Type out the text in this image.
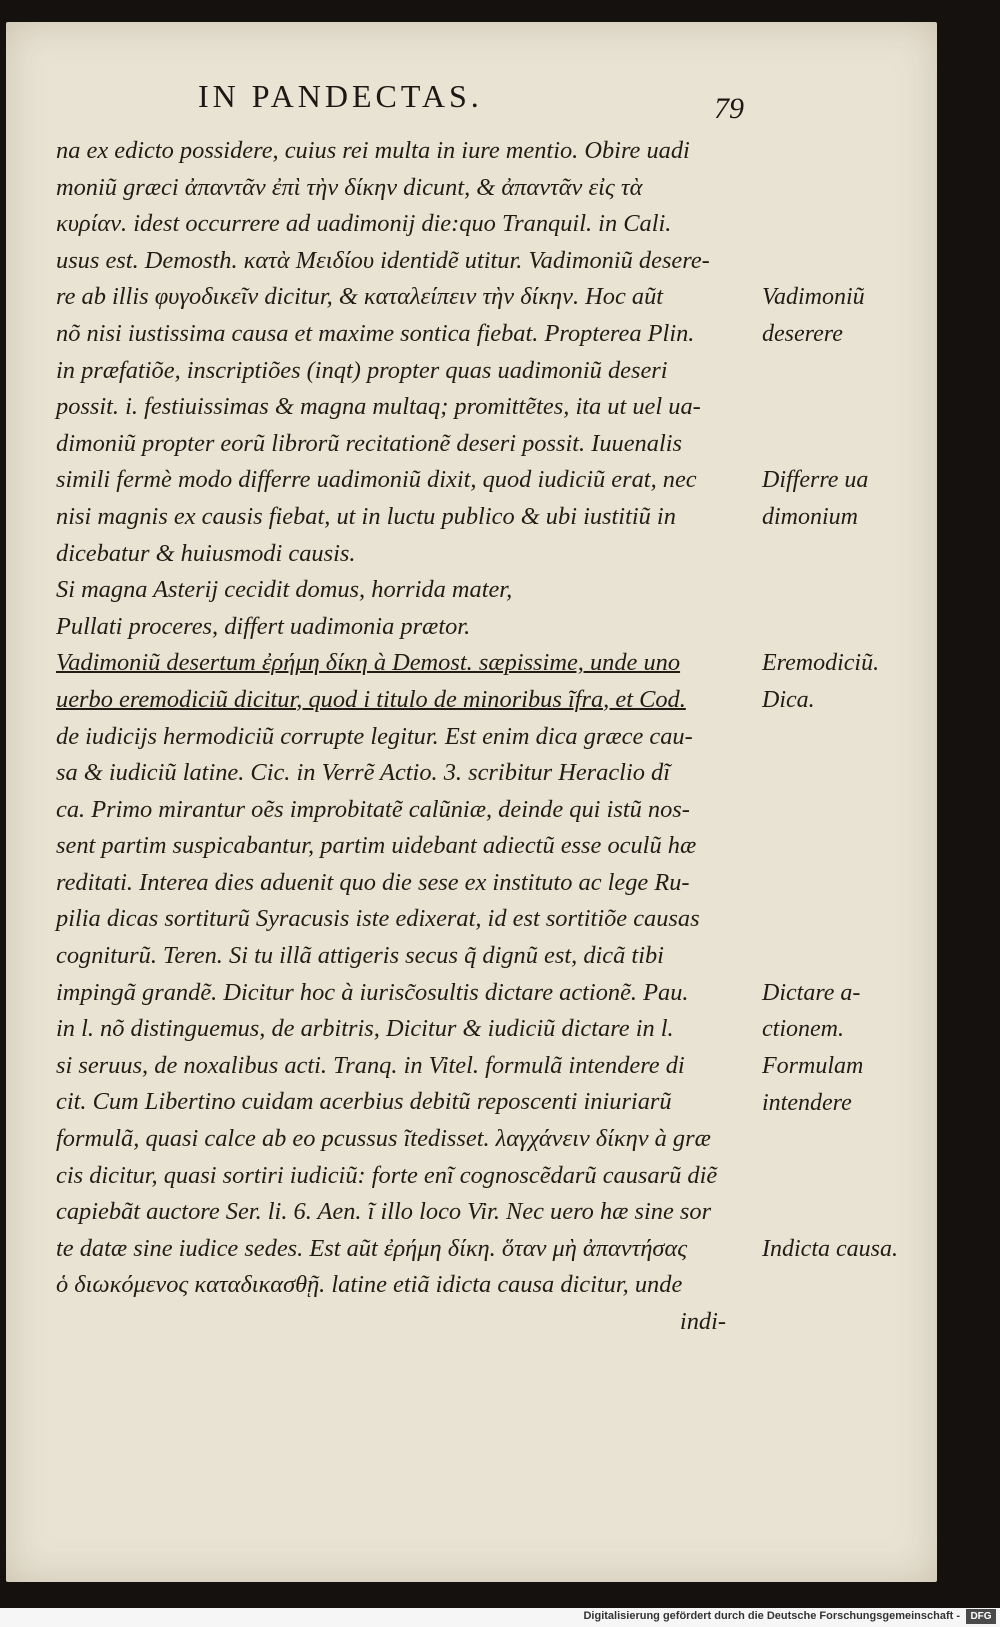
IN PANDECTAS.	79
na ex edicto possidere, cuius rei multa in iure mentio. Obire uadi
moniũ græci ἀπαντᾶν ἐπὶ τὴν δίκην dicunt, & ἀπαντᾶν εἰς τὰ
κυρίαν. idest occurrere ad uadimonij die:quo Tranquil. in Cali.
usus est. Demosth. κατὰ Μειδίου identidẽ utitur. Vadimoniũ desere-
re ab illis φυγοδικεῖν dicitur, & καταλείπειν τὴν δίκην. Hoc aũt
nõ nisi iustissima causa et maxime sontica fiebat. Propterea Plin.
in præfatiõe, inscriptiões (inqt) propter quas uadimoniũ deseri
possit. i. festiuissimas & magna multaq; promittẽtes, ita ut uel ua-
dimoniũ propter eorũ librorũ recitationẽ deseri possit. Iuuenalis
simili fermè modo differre uadimoniũ dixit, quod iudiciũ erat, nec
nisi magnis ex causis fiebat, ut in luctu publico & ubi iustitiũ in
dicebatur & huiusmodi causis.
Si magna Asterij cecidit domus, horrida mater,
Pullati proceres, differt uadimonia prætor.
Vadimoniũ desertum ἐρήμη δίκη à Demost. sæpissime, unde uno
uerbo eremodiciũ dicitur, quod i titulo de minoribus ĩfra, et Cod.
de iudicijs hermodiciũ corrupte legitur. Est enim dica græce cau-
sa & iudiciũ latine. Cic. in Verrẽ Actio. 3. scribitur Heraclio dĩ
ca. Primo mirantur oẽs improbitatẽ calũniæ, deinde qui istũ nos-
sent partim suspicabantur, partim uidebant adiectũ esse oculũ hæ
reditati. Interea dies aduenit quo die sese ex instituto ac lege Ru-
pilia dicas sortiturũ Syracusis iste edixerat, id est sortitiõe causas
cogniturũ. Teren. Si tu illã attigeris secus q̃ dignũ est, dicã tibi
impingã grandẽ. Dicitur hoc à iurisc̃osultis dictare actionẽ. Pau.
in l. nõ distinguemus, de arbitris, Dicitur & iudiciũ dictare in l.
si seruus, de noxalibus acti. Tranq. in Vitel. formulã intendere di
cit. Cum Libertino cuidam acerbius debitũ reposcenti iniuriarũ
formulã, quasi calce ab eo pcussus ĩtedisset. λαγχάνειν δίκην à græ
cis dicitur, quasi sortiri iudiciũ: forte enĩ cognoscẽdarũ causarũ diẽ
capiebãt auctore Ser. li. 6. Aen. ĩ illo loco Vir. Nec uero hæ sine sor
te datæ sine iudice sedes. Est aũt ἐρήμη δίκη. ὅταν μὴ ἀπαντήσας
ὁ διωκόμενος καταδικασθῇ. latine etiã idicta causa dicitur, unde
indi-
Vadimoniũ deserere
Differre ua dimonium
Eremodiciũ. Dica.
Dictare a-ctionem.
Formulam intendere
Indicta causa.
Digitalisierung gefördert durch die Deutsche Forschungsgemeinschaft -	DFG
